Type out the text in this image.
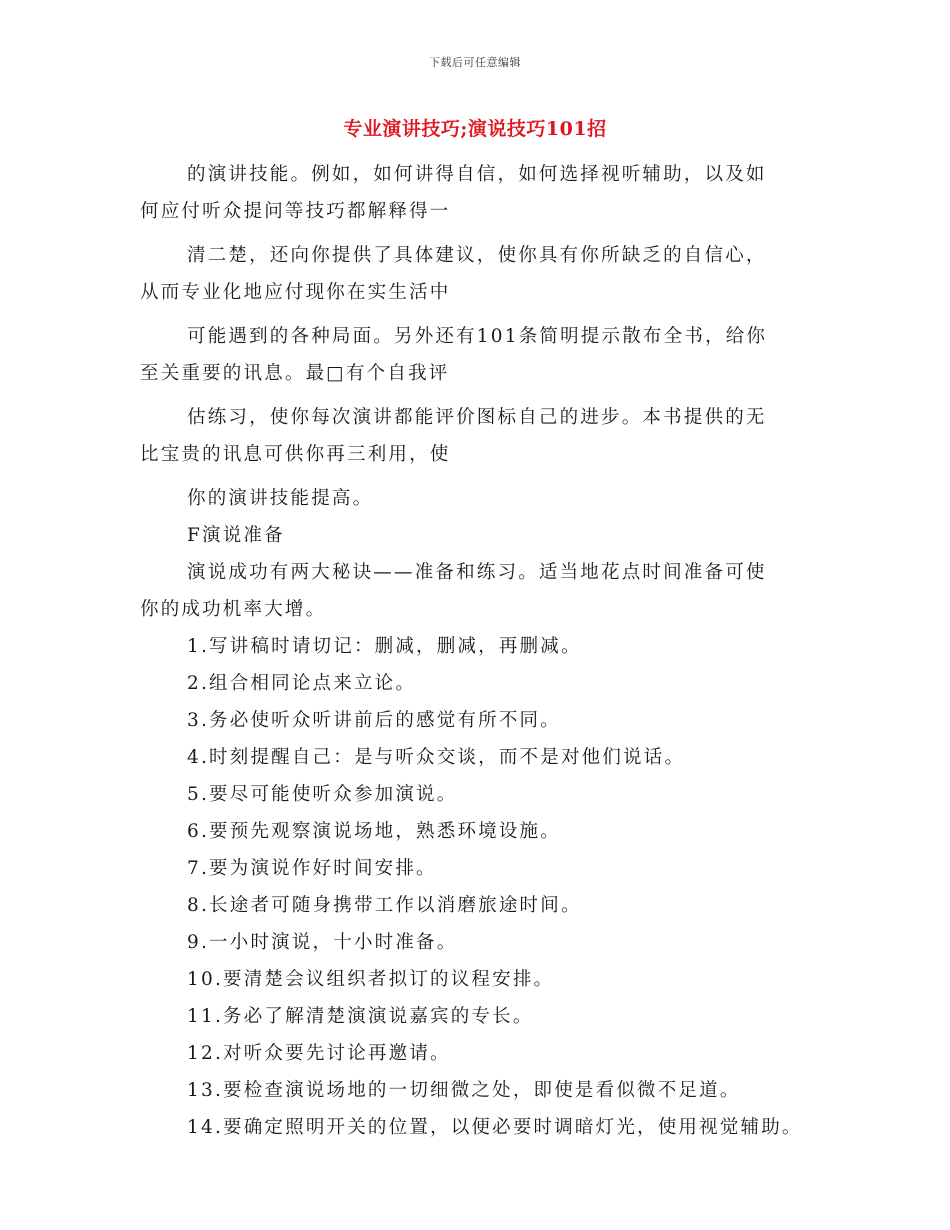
下载后可任意编辑
专业演讲技巧;演说技巧101招
的演讲技能。例如，如何讲得自信，如何选择视听辅助，以及如
何应付听众提问等技巧都解释得一
清二楚，还向你提供了具体建议，使你具有你所缺乏的自信心，
从而专业化地应付现你在实生活中
可能遇到的各种局面。另外还有101条简明提示散布全书，给你
至关重要的讯息。最□有个自我评
估练习，使你每次演讲都能评价图标自己的进步。本书提供的无
比宝贵的讯息可供你再三利用，使
你的演讲技能提高。
F演说准备
演说成功有两大秘诀——准备和练习。适当地花点时间准备可使
你的成功机率大增。
1.写讲稿时请切记：删减，删减，再删减。
2.组合相同论点来立论。
3.务必使听众听讲前后的感觉有所不同。
4.时刻提醒自己：是与听众交谈，而不是对他们说话。
5.要尽可能使听众参加演说。
6.要预先观察演说场地，熟悉环境设施。
7.要为演说作好时间安排。
8.长途者可随身携带工作以消磨旅途时间。
9.一小时演说，十小时准备。
10.要清楚会议组织者拟订的议程安排。
11.务必了解清楚演演说嘉宾的专长。
12.对听众要先讨论再邀请。
13.要检查演说场地的一切细微之处，即使是看似微不足道。
14.要确定照明开关的位置，以便必要时调暗灯光，使用视觉辅助。
